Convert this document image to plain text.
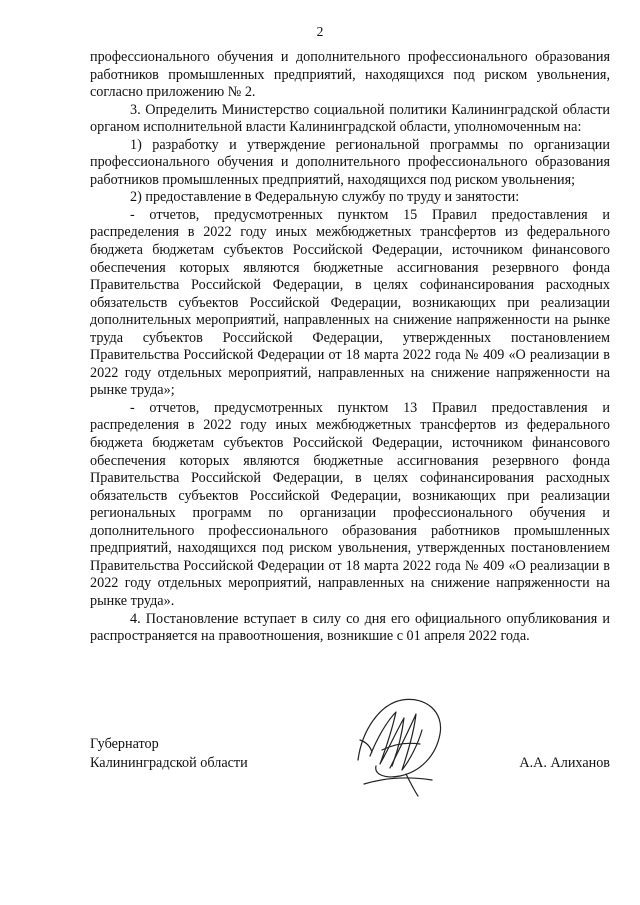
2

профессионального обучения и дополнительного профессионального образования работников промышленных предприятий, находящихся под риском увольнения, согласно приложению № 2.

3. Определить Министерство социальной политики Калининградской области органом исполнительной власти Калининградской области, уполномоченным на:

1) разработку и утверждение региональной программы по организации профессионального обучения и дополнительного профессионального образования работников промышленных предприятий, находящихся под риском увольнения;

2) предоставление в Федеральную службу по труду и занятости:

- отчетов, предусмотренных пунктом 15 Правил предоставления и распределения в 2022 году иных межбюджетных трансфертов из федерального бюджета бюджетам субъектов Российской Федерации, источником финансового обеспечения которых являются бюджетные ассигнования резервного фонда Правительства Российской Федерации, в целях софинансирования расходных обязательств субъектов Российской Федерации, возникающих при реализации дополнительных мероприятий, направленных на снижение напряженности на рынке труда субъектов Российской Федерации, утвержденных постановлением Правительства Российской Федерации от 18 марта 2022 года № 409 «О реализации в 2022 году отдельных мероприятий, направленных на снижение напряженности на рынке труда»;

- отчетов, предусмотренных пунктом 13 Правил предоставления и распределения в 2022 году иных межбюджетных трансфертов из федерального бюджета бюджетам субъектов Российской Федерации, источником финансового обеспечения которых являются бюджетные ассигнования резервного фонда Правительства Российской Федерации, в целях софинансирования расходных обязательств субъектов Российской Федерации, возникающих при реализации региональных программ по организации профессионального обучения и дополнительного профессионального образования работников промышленных предприятий, находящихся под риском увольнения, утвержденных постановлением Правительства Российской Федерации от 18 марта 2022 года № 409 «О реализации в 2022 году отдельных мероприятий, направленных на снижение напряженности на рынке труда».

4. Постановление вступает в силу со дня его официального опубликования и распространяется на правоотношения, возникшие с 01 апреля 2022 года.

Губернатор
Калининградской области	А.А. Алиханов
